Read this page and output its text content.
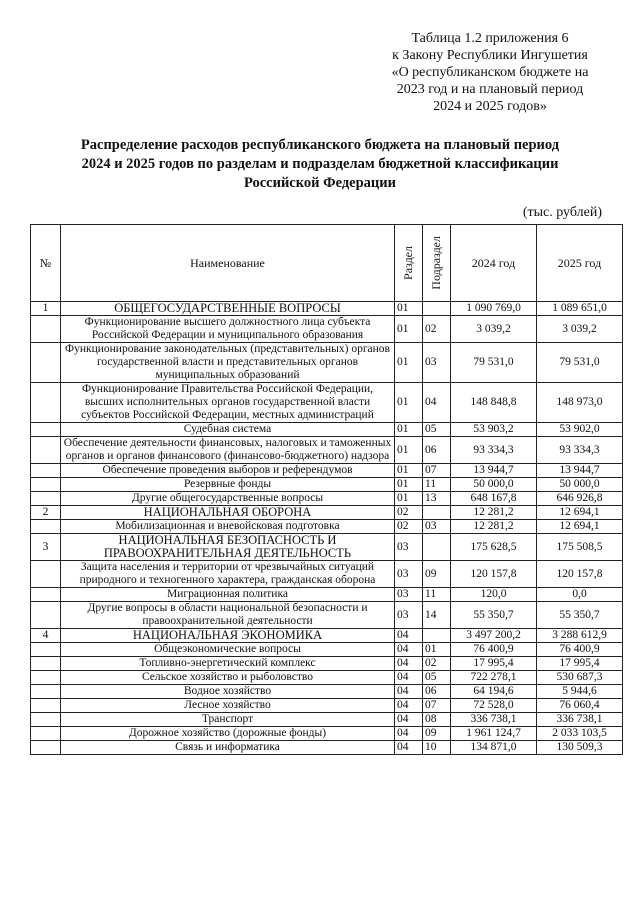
Таблица 1.2 приложения 6
к Закону Республики Ингушетия
«О республиканском бюджете на
2023 год и на плановый период
2024 и 2025 годов»
Распределение расходов республиканского бюджета на плановый период
2024 и 2025 годов по разделам и подразделам бюджетной классификации
Российской Федерации
(тыс. рублей)
№	Наименование	Раздел	Подраздел	2024 год	2025 год
1	ОБЩЕГОСУДАРСТВЕННЫЕ ВОПРОСЫ	01		1 090 769,0	1 089 651,0
	Функционирование высшего должностного лица субъекта Российской Федерации и муниципального образования	01	02	3 039,2	3 039,2
	Функционирование законодательных (представительных) органов государственной власти и представительных органов муниципальных образований	01	03	79 531,0	79 531,0
	Функционирование Правительства Российской Федерации, высших исполнительных органов государственной власти субъектов Российской Федерации, местных администраций	01	04	148 848,8	148 973,0
	Судебная система	01	05	53 903,2	53 902,0
	Обеспечение деятельности финансовых, налоговых и таможенных органов и органов финансового (финансово-бюджетного) надзора	01	06	93 334,3	93 334,3
	Обеспечение проведения выборов и референдумов	01	07	13 944,7	13 944,7
	Резервные фонды	01	11	50 000,0	50 000,0
	Другие общегосударственные вопросы	01	13	648 167,8	646 926,8
2	НАЦИОНАЛЬНАЯ ОБОРОНА	02		12 281,2	12 694,1
	Мобилизационная и вневойсковая подготовка	02	03	12 281,2	12 694,1
3	НАЦИОНАЛЬНАЯ БЕЗОПАСНОСТЬ И ПРАВООХРАНИТЕЛЬНАЯ ДЕЯТЕЛЬНОСТЬ	03		175 628,5	175 508,5
	Защита населения и территории от чрезвычайных ситуаций природного и техногенного характера, гражданская оборона	03	09	120 157,8	120 157,8
	Миграционная политика	03	11	120,0	0,0
	Другие вопросы в области национальной безопасности и правоохранительной деятельности	03	14	55 350,7	55 350,7
4	НАЦИОНАЛЬНАЯ ЭКОНОМИКА	04		3 497 200,2	3 288 612,9
	Общеэкономические вопросы	04	01	76 400,9	76 400,9
	Топливно-энергетический комплекс	04	02	17 995,4	17 995,4
	Сельское хозяйство и рыболовство	04	05	722 278,1	530 687,3
	Водное хозяйство	04	06	64 194,6	5 944,6
	Лесное хозяйство	04	07	72 528,0	76 060,4
	Транспорт	04	08	336 738,1	336 738,1
	Дорожное хозяйство (дорожные фонды)	04	09	1 961 124,7	2 033 103,5
	Связь и информатика	04	10	134 871,0	130 509,3
